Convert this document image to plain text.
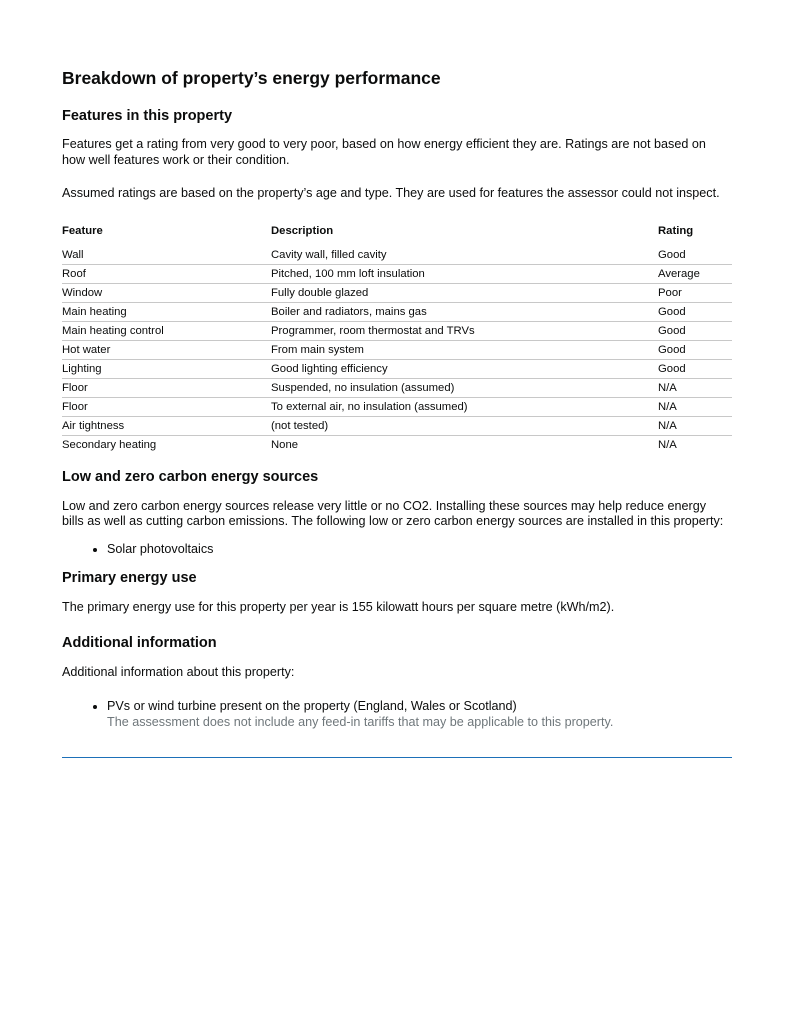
Breakdown of property’s energy performance
Features in this property

Features get a rating from very good to very poor, based on how energy efficient they are. Ratings are not based on how well features work or their condition.

Assumed ratings are based on the property’s age and type. They are used for features the assessor could not inspect.

Feature	Description	Rating
Wall	Cavity wall, filled cavity	Good
Roof	Pitched, 100 mm loft insulation	Average
Window	Fully double glazed	Poor
Main heating	Boiler and radiators, mains gas	Good
Main heating control	Programmer, room thermostat and TRVs	Good
Hot water	From main system	Good
Lighting	Good lighting efficiency	Good
Floor	Suspended, no insulation (assumed)	N/A
Floor	To external air, no insulation (assumed)	N/A
Air tightness	(not tested)	N/A
Secondary heating	None	N/A
Low and zero carbon energy sources

Low and zero carbon energy sources release very little or no CO2. Installing these sources may help reduce energy bills as well as cutting carbon emissions. The following low or zero carbon energy sources are installed in this property:

• Solar photovoltaics
Primary energy use

The primary energy use for this property per year is 155 kilowatt hours per square metre (kWh/m2).

Additional information

Additional information about this property:

• PVs or wind turbine present on the property (England, Wales or Scotland)
The assessment does not include any feed-in tariffs that may be applicable to this property.
